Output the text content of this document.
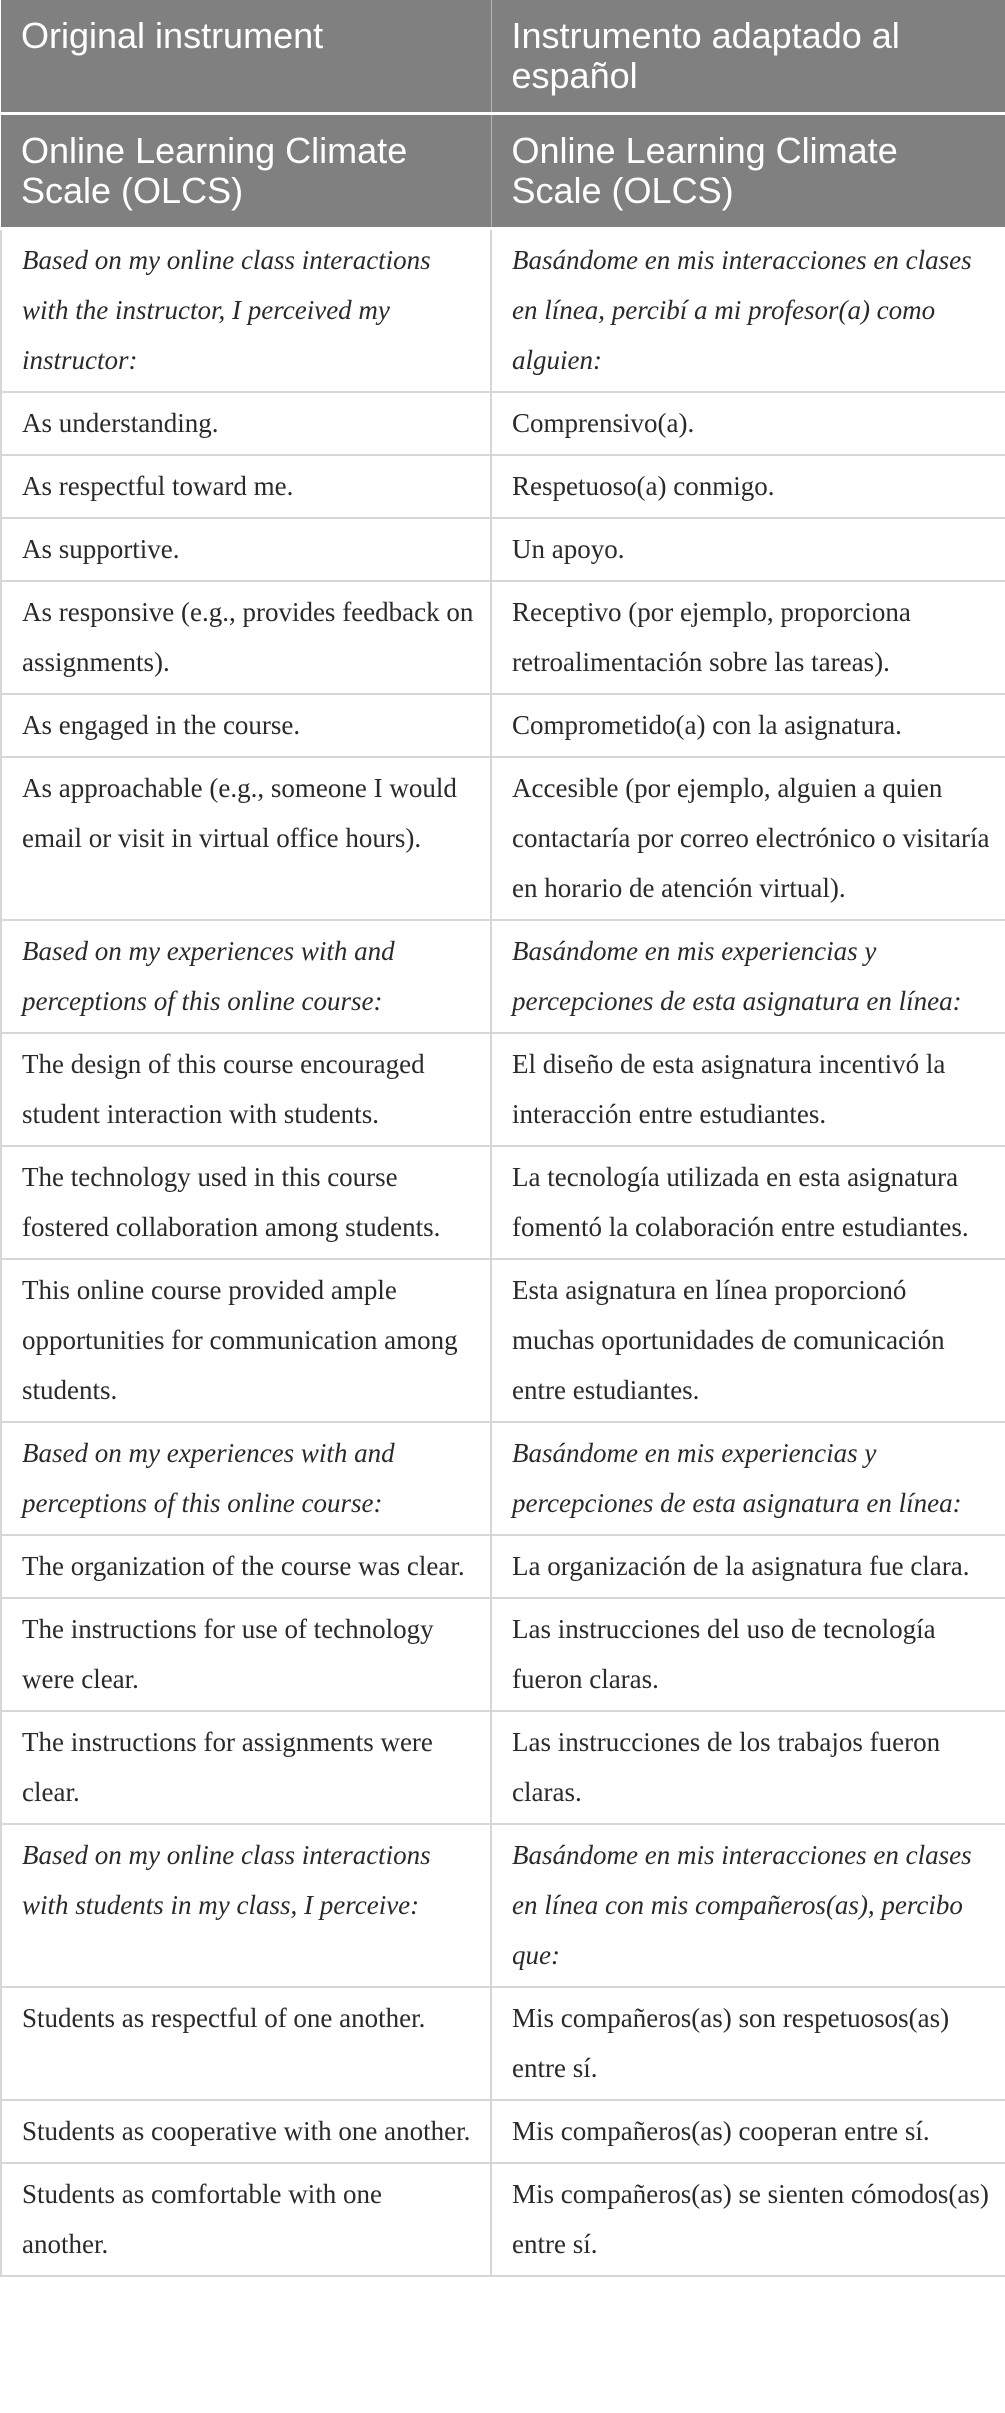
Original instrument	Instrumento adaptado al español
Online Learning Climate Scale (OLCS)	Online Learning Climate Scale (OLCS)
Based on my online class interactions with the instructor, I perceived my instructor:	Basándome en mis interacciones en clases en línea, percibí a mi profesor(a) como alguien:
As understanding.	Comprensivo(a).
As respectful toward me.	Respetuoso(a) conmigo.
As supportive.	Un apoyo.
As responsive (e.g., provides feedback on assignments).	Receptivo (por ejemplo, proporciona retroalimentación sobre las tareas).
As engaged in the course.	Comprometido(a) con la asignatura.
As approachable (e.g., someone I would email or visit in virtual office hours).	Accesible (por ejemplo, alguien a quien contactaría por correo electrónico o visitaría en horario de atención virtual).
Based on my experiences with and perceptions of this online course:	Basándome en mis experiencias y percepciones de esta asignatura en línea:
The design of this course encouraged student interaction with students.	El diseño de esta asignatura incentivó la interacción entre estudiantes.
The technology used in this course fostered collaboration among students.	La tecnología utilizada en esta asignatura fomentó la colaboración entre estudiantes.
This online course provided ample opportunities for communication among students.	Esta asignatura en línea proporcionó muchas oportunidades de comunicación entre estudiantes.
Based on my experiences with and perceptions of this online course:	Basándome en mis experiencias y percepciones de esta asignatura en línea:
The organization of the course was clear.	La organización de la asignatura fue clara.
The instructions for use of technology were clear.	Las instrucciones del uso de tecnología fueron claras.
The instructions for assignments were clear.	Las instrucciones de los trabajos fueron claras.
Based on my online class interactions with students in my class, I perceive:	Basándome en mis interacciones en clases en línea con mis compañeros(as), percibo que:
Students as respectful of one another.	Mis compañeros(as) son respetuosos(as) entre sí.
Students as cooperative with one another.	Mis compañeros(as) cooperan entre sí.
Students as comfortable with one another.	Mis compañeros(as) se sienten cómodos(as) entre sí.
